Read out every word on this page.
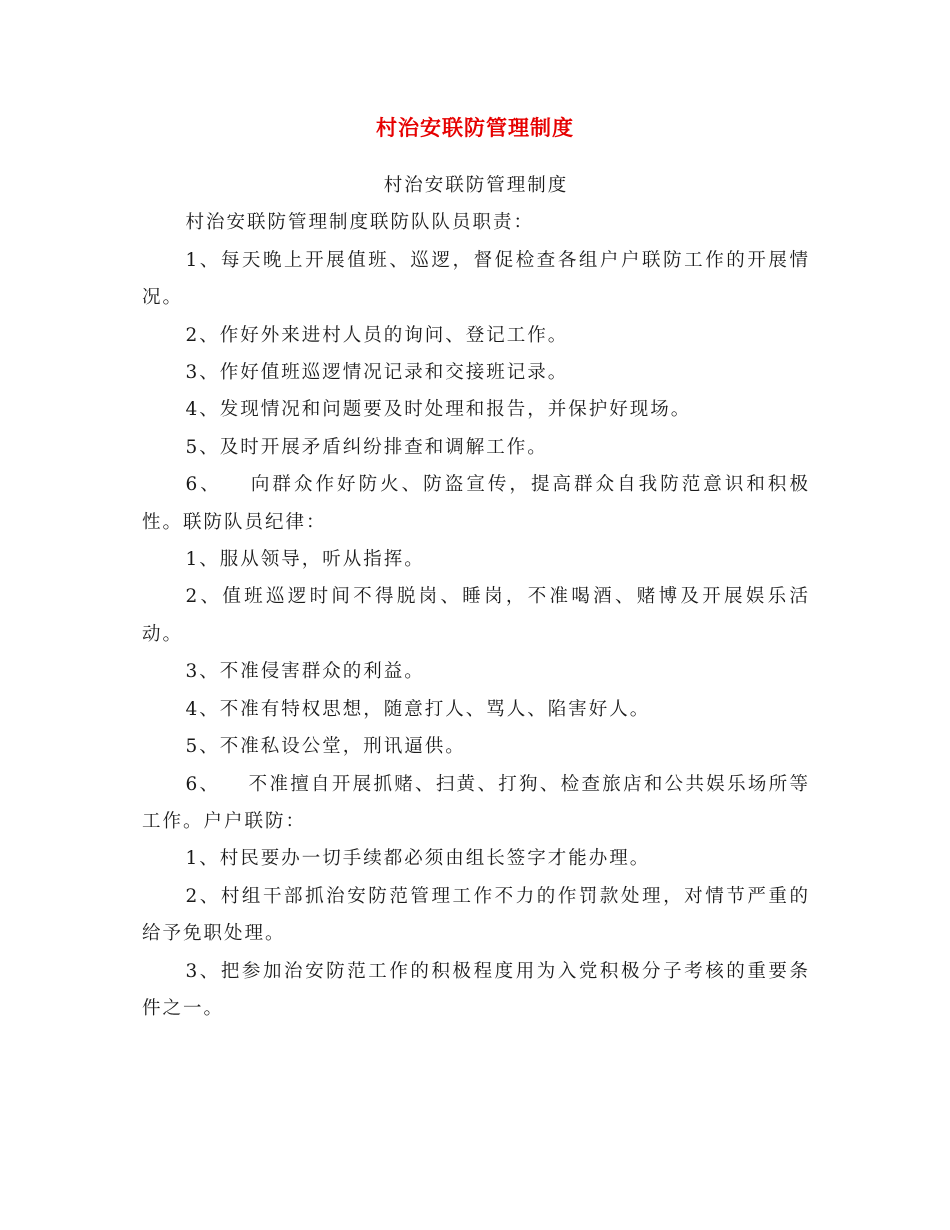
村治安联防管理制度

村治安联防管理制度

村治安联防管理制度联防队队员职责：

1、每天晚上开展值班、巡逻，督促检查各组户户联防工作的开展情况。

2、作好外来进村人员的询问、登记工作。

3、作好值班巡逻情况记录和交接班记录。

4、发现情况和问题要及时处理和报告，并保护好现场。

5、及时开展矛盾纠纷排查和调解工作。

6、 向群众作好防火、防盗宣传，提高群众自我防范意识和积极性。联防队员纪律：

1、服从领导，听从指挥。

2、值班巡逻时间不得脱岗、睡岗，不准喝酒、赌博及开展娱乐活动。

3、不准侵害群众的利益。

4、不准有特权思想，随意打人、骂人、陷害好人。

5、不准私设公堂，刑讯逼供。

6、 不准擅自开展抓赌、扫黄、打狗、检查旅店和公共娱乐场所等工作。户户联防：

1、村民要办一切手续都必须由组长签字才能办理。

2、村组干部抓治安防范管理工作不力的作罚款处理，对情节严重的给予免职处理。

3、把参加治安防范工作的积极程度用为入党积极分子考核的重要条件之一。
